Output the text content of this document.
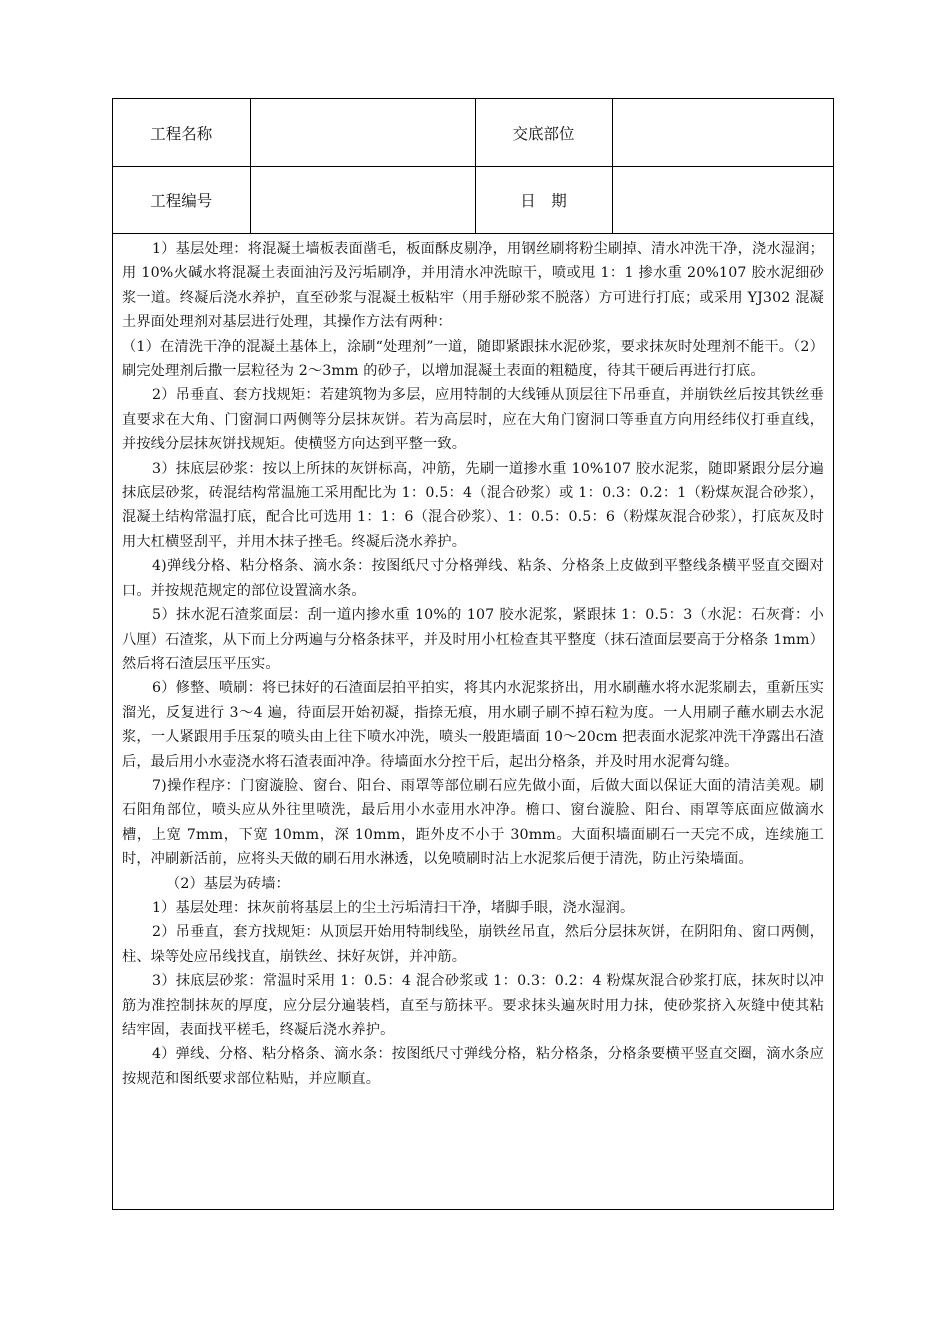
工程名称		交底部位	
工程编号		日　期	

1）基层处理：将混凝土墙板表面凿毛，板面酥皮剔净，用钢丝刷将粉尘刷掉、清水冲洗干净，浇水湿润；用 10%火碱水将混凝土表面油污及污垢刷净，并用清水冲洗晾干，喷或甩 1：1 掺水重 20%107 胶水泥细砂浆一道。终凝后浇水养护，直至砂浆与混凝土板粘牢（用手掰砂浆不脱落）方可进行打底；或采用 YJ302 混凝土界面处理剂对基层进行处理，其操作方法有两种：

（1）在清洗干净的混凝土基体上，涂刷“处理剂”一道，随即紧跟抹水泥砂浆，要求抹灰时处理剂不能干。（2）刷完处理剂后撒一层粒径为 2～3mm 的砂子，以增加混凝土表面的粗糙度，待其干硬后再进行打底。

2）吊垂直、套方找规矩：若建筑物为多层，应用特制的大线锤从顶层往下吊垂直，并崩铁丝后按其铁丝垂直要求在大角、门窗洞口两侧等分层抹灰饼。若为高层时，应在大角门窗洞口等垂直方向用经纬仪打垂直线，并按线分层抹灰饼找规矩。使横竖方向达到平整一致。

3）抹底层砂浆：按以上所抹的灰饼标高，冲筋，先刷一道掺水重 10%107 胶水泥浆，随即紧跟分层分遍抹底层砂浆，砖混结构常温施工采用配比为 1：0.5：4（混合砂浆）或 1：0.3：0.2：1（粉煤灰混合砂浆），混凝土结构常温打底，配合比可选用 1：1：6（混合砂浆）、1：0.5：0.5：6（粉煤灰混合砂浆），打底灰及时用大杠横竖刮平，并用木抹子挫毛。终凝后浇水养护。

4)弹线分格、粘分格条、滴水条：按图纸尺寸分格弹线、粘条、分格条上皮做到平整线条横平竖直交圈对口。并按规范规定的部位设置滴水条。

5）抹水泥石渣浆面层：刮一道内掺水重 10%的 107 胶水泥浆，紧跟抹 1：0.5：3（水泥：石灰膏：小八厘）石渣浆，从下而上分两遍与分格条抹平，并及时用小杠检查其平整度（抹石渣面层要高于分格条 1mm）然后将石渣层压平压实。

6）修整、喷刷：将已抹好的石渣面层拍平拍实，将其内水泥浆挤出，用水刷蘸水将水泥浆刷去，重新压实溜光，反复进行 3～4 遍，待面层开始初凝，指捺无痕，用水刷子刷不掉石粒为度。一人用刷子蘸水刷去水泥浆，一人紧跟用手压泵的喷头由上往下喷水冲洗，喷头一般距墙面 10～20cm 把表面水泥浆冲洗干净露出石渣后，最后用小水壶浇水将石渣表面冲净。待墙面水分控干后，起出分格条，并及时用水泥膏勾缝。

7)操作程序：门窗漩脸、窗台、阳台、雨罩等部位刷石应先做小面，后做大面以保证大面的清洁美观。刷石阳角部位，喷头应从外往里喷洗，最后用小水壶用水冲净。檐口、窗台漩脸、阳台、雨罩等底面应做滴水槽，上宽 7mm，下宽 10mm，深 10mm，距外皮不小于 30mm。大面积墙面刷石一天完不成，连续施工时，冲刷新活前，应将头天做的刷石用水淋透，以免喷刷时沾上水泥浆后便于清洗，防止污染墙面。

（2）基层为砖墙：

1）基层处理：抹灰前将基层上的尘土污垢清扫干净，堵脚手眼，浇水湿润。

2）吊垂直，套方找规矩：从顶层开始用特制线坠，崩铁丝吊直，然后分层抹灰饼，在阴阳角、窗口两侧，柱、垛等处应吊线找直，崩铁丝、抹好灰饼，并冲筋。

3）抹底层砂浆：常温时采用 1：0.5：4 混合砂浆或 1：0.3：0.2：4 粉煤灰混合砂浆打底，抹灰时以冲筋为准控制抹灰的厚度，应分层分遍装档，直至与筋抹平。要求抹头遍灰时用力抹，使砂浆挤入灰缝中使其粘结牢固，表面找平槎毛，终凝后浇水养护。

4）弹线、分格、粘分格条、滴水条：按图纸尺寸弹线分格，粘分格条，分格条要横平竖直交圈，滴水条应按规范和图纸要求部位粘贴，并应顺直。
